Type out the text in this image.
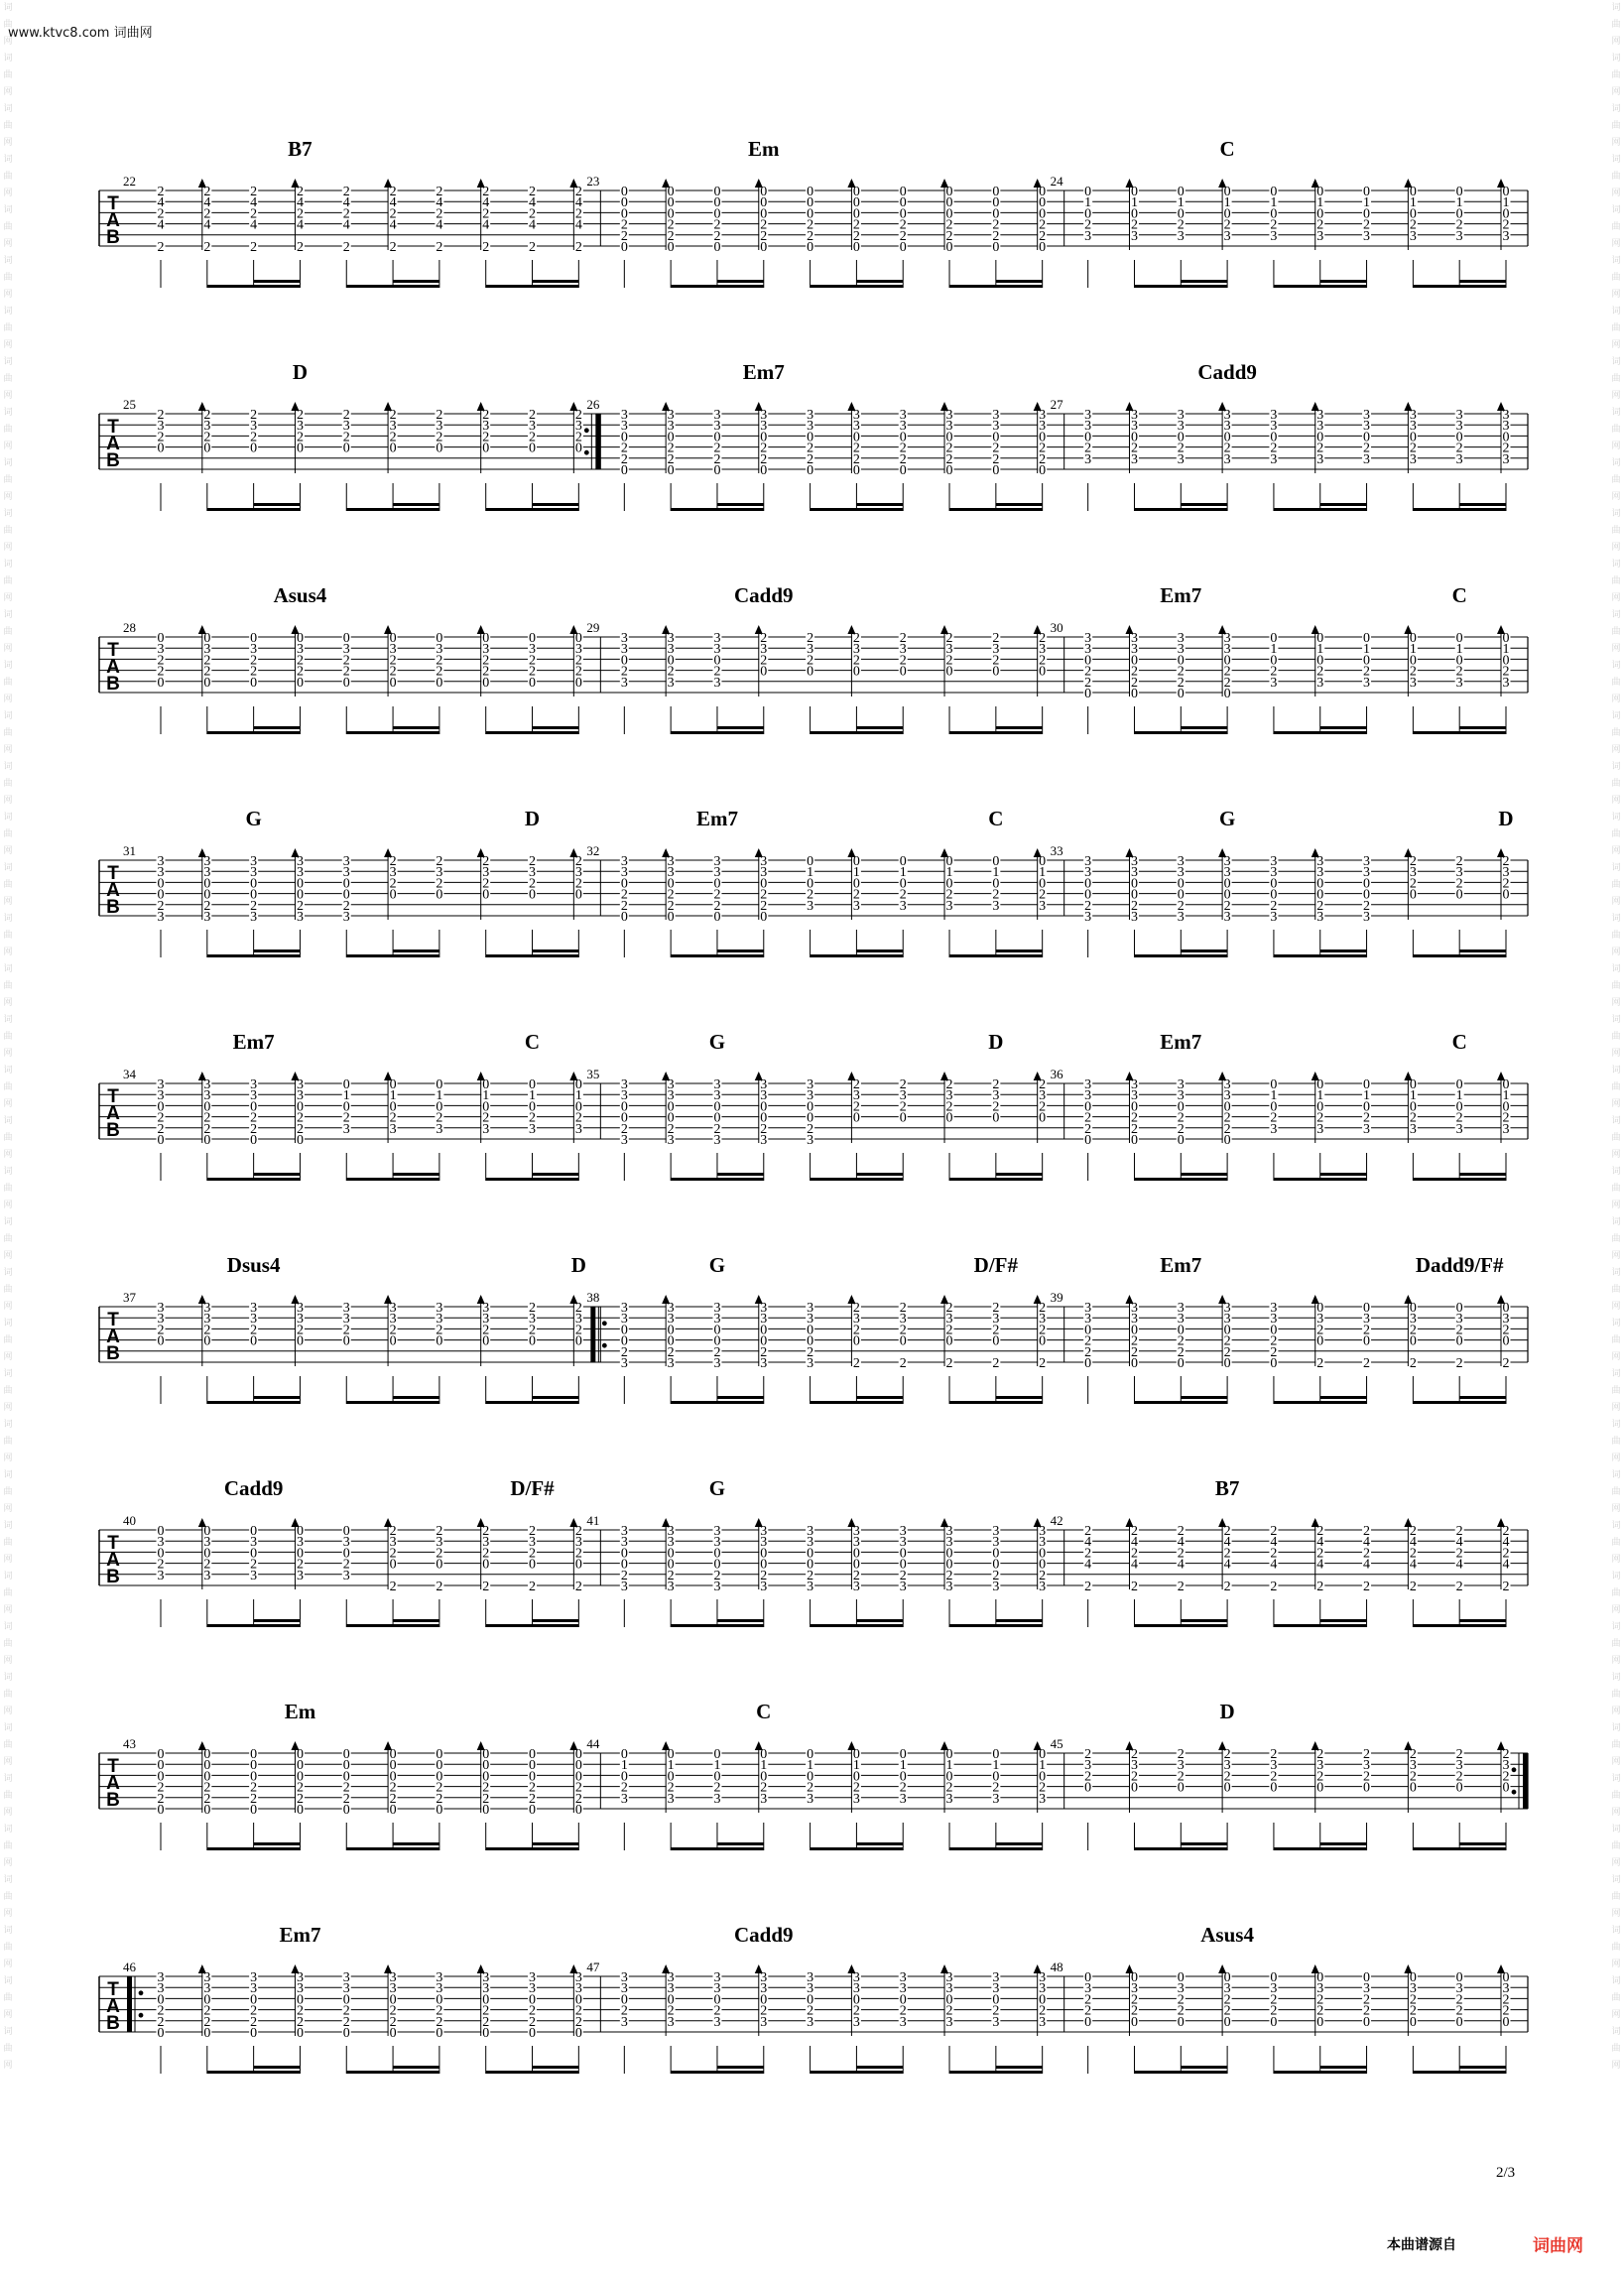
www.ktvc8.com 词曲网
词曲网词曲网词曲网词曲网词曲网词曲网词曲网词曲网词曲网词曲网词曲网词曲网词曲网词曲网词曲网词曲网词曲网词曲网词曲网词曲网词曲网词曲网词曲网词曲网词曲网词曲网词曲网词曲网词曲网词曲网词曲网词曲网词曲网词曲网词曲网词曲网词曲网词曲网词曲网词曲网词曲网
词曲网词曲网词曲网词曲网词曲网词曲网词曲网词曲网词曲网词曲网词曲网词曲网词曲网词曲网词曲网词曲网词曲网词曲网词曲网词曲网词曲网词曲网词曲网词曲网词曲网词曲网词曲网词曲网词曲网词曲网词曲网词曲网词曲网词曲网词曲网词曲网词曲网词曲网词曲网词曲网词曲网
T
A
B
22
2
4
2
4
2
2
4
2
4
2
2
4
2
4
2
2
4
2
4
2
2
4
2
4
2
2
4
2
4
2
2
4
2
4
2
2
4
2
4
2
2
4
2
4
2
2
4
2
4
2
23
0
0
0
2
2
0
0
0
0
2
2
0
0
0
0
2
2
0
0
0
0
2
2
0
0
0
0
2
2
0
0
0
0
2
2
0
0
0
0
2
2
0
0
0
0
2
2
0
0
0
0
2
2
0
0
0
0
2
2
0
24
0
1
0
2
3
0
1
0
2
3
0
1
0
2
3
0
1
0
2
3
0
1
0
2
3
0
1
0
2
3
0
1
0
2
3
0
1
0
2
3
0
1
0
2
3
0
1
0
2
3
B7	Em	C
T
A
B
25
2
3
2
0
2
3
2
0
2
3
2
0
2
3
2
0
2
3
2
0
2
3
2
0
2
3
2
0
2
3
2
0
2
3
2
0
2
3
2
0
26
3
3
0
2
2
0
3
3
0
2
2
0
3
3
0
2
2
0
3
3
0
2
2
0
3
3
0
2
2
0
3
3
0
2
2
0
3
3
0
2
2
0
3
3
0
2
2
0
3
3
0
2
2
0
3
3
0
2
2
0
27
3
3
0
2
3
3
3
0
2
3
3
3
0
2
3
3
3
0
2
3
3
3
0
2
3
3
3
0
2
3
3
3
0
2
3
3
3
0
2
3
3
3
0
2
3
3
3
0
2
3
D	Em7	Cadd9
T
A
B
28
0
3
2
2
0
0
3
2
2
0
0
3
2
2
0
0
3
2
2
0
0
3
2
2
0
0
3
2
2
0
0
3
2
2
0
0
3
2
2
0
0
3
2
2
0
0
3
2
2
0
29
3
3
0
2
3
3
3
0
2
3
3
3
0
2
3
2
3
2
0
2
3
2
0
2
3
2
0
2
3
2
0
2
3
2
0
2
3
2
0
2
3
2
0
30
3
3
0
2
2
0
3
3
0
2
2
0
3
3
0
2
2
0
3
3
0
2
2
0
0
1
0
2
3
0
1
0
2
3
0
1
0
2
3
0
1
0
2
3
0
1
0
2
3
0
1
0
2
3
Asus4	Cadd9	Em7	C
T
A
B
31
3
3
0
0
2
3
3
3
0
0
2
3
3
3
0
0
2
3
3
3
0
0
2
3
3
3
0
0
2
3
2
3
2
0
2
3
2
0
2
3
2
0
2
3
2
0
2
3
2
0
32
3
3
0
2
2
0
3
3
0
2
2
0
3
3
0
2
2
0
3
3
0
2
2
0
0
1
0
2
3
0
1
0
2
3
0
1
0
2
3
0
1
0
2
3
0
1
0
2
3
0
1
0
2
3
33
3
3
0
0
2
3
3
3
0
0
2
3
3
3
0
0
2
3
3
3
0
0
2
3
3
3
0
0
2
3
3
3
0
0
2
3
3
3
0
0
2
3
2
3
2
0
2
3
2
0
2
3
2
0
G	D	Em7	C	G	D
T
A
B
34
3
3
0
2
2
0
3
3
0
2
2
0
3
3
0
2
2
0
3
3
0
2
2
0
0
1
0
2
3
0
1
0
2
3
0
1
0
2
3
0
1
0
2
3
0
1
0
2
3
0
1
0
2
3
35
3
3
0
0
2
3
3
3
0
0
2
3
3
3
0
0
2
3
3
3
0
0
2
3
3
3
0
0
2
3
2
3
2
0
2
3
2
0
2
3
2
0
2
3
2
0
2
3
2
0
36
3
3
0
2
2
0
3
3
0
2
2
0
3
3
0
2
2
0
3
3
0
2
2
0
0
1
0
2
3
0
1
0
2
3
0
1
0
2
3
0
1
0
2
3
0
1
0
2
3
0
1
0
2
3
Em7	C	G	D	Em7	C
T
A
B
37
3
3
2
0
3
3
2
0
3
3
2
0
3
3
2
0
3
3
2
0
3
3
2
0
3
3
2
0
3
3
2
0
2
3
2
0
2
3
2
0
38
3
3
0
0
2
3
3
3
0
0
2
3
3
3
0
0
2
3
3
3
0
0
2
3
3
3
0
0
2
3
2
3
2
0
2
2
3
2
0
2
2
3
2
0
2
2
3
2
0
2
2
3
2
0
2
39
3
3
0
2
2
0
3
3
0
2
2
0
3
3
0
2
2
0
3
3
0
2
2
0
3
3
0
2
2
0
0
3
2
0
2
0
3
2
0
2
0
3
2
0
2
0
3
2
0
2
0
3
2
0
2
Dsus4	D	G	D/F#	Em7	Dadd9/F#
T
A
B
40
0
3
0
2
3
0
3
0
2
3
0
3
0
2
3
0
3
0
2
3
0
3
0
2
3
2
3
2
0
2
2
3
2
0
2
2
3
2
0
2
2
3
2
0
2
2
3
2
0
2
41
3
3
0
0
2
3
3
3
0
0
2
3
3
3
0
0
2
3
3
3
0
0
2
3
3
3
0
0
2
3
3
3
0
0
2
3
3
3
0
0
2
3
3
3
0
0
2
3
3
3
0
0
2
3
3
3
0
0
2
3
42
2
4
2
4
2
2
4
2
4
2
2
4
2
4
2
2
4
2
4
2
2
4
2
4
2
2
4
2
4
2
2
4
2
4
2
2
4
2
4
2
2
4
2
4
2
2
4
2
4
2
Cadd9	D/F#	G	B7
T
A
B
43
0
0
0
2
2
0
0
0
0
2
2
0
0
0
0
2
2
0
0
0
0
2
2
0
0
0
0
2
2
0
0
0
0
2
2
0
0
0
0
2
2
0
0
0
0
2
2
0
0
0
0
2
2
0
0
0
0
2
2
0
44
0
1
0
2
3
0
1
0
2
3
0
1
0
2
3
0
1
0
2
3
0
1
0
2
3
0
1
0
2
3
0
1
0
2
3
0
1
0
2
3
0
1
0
2
3
0
1
0
2
3
45
2
3
2
0
2
3
2
0
2
3
2
0
2
3
2
0
2
3
2
0
2
3
2
0
2
3
2
0
2
3
2
0
2
3
2
0
2
3
2
0
Em	C	D
T
A
B
46
3
3
0
2
2
0
3
3
0
2
2
0
3
3
0
2
2
0
3
3
0
2
2
0
3
3
0
2
2
0
3
3
0
2
2
0
3
3
0
2
2
0
3
3
0
2
2
0
3
3
0
2
2
0
3
3
0
2
2
0
47
3
3
0
2
3
3
3
0
2
3
3
3
0
2
3
3
3
0
2
3
3
3
0
2
3
3
3
0
2
3
3
3
0
2
3
3
3
0
2
3
3
3
0
2
3
3
3
0
2
3
48
0
3
2
2
0
0
3
2
2
0
0
3
2
2
0
0
3
2
2
0
0
3
2
2
0
0
3
2
2
0
0
3
2
2
0
0
3
2
2
0
0
3
2
2
0
0
3
2
2
0
Em7	Cadd9	Asus4
2/3
本曲谱源自	词曲网
